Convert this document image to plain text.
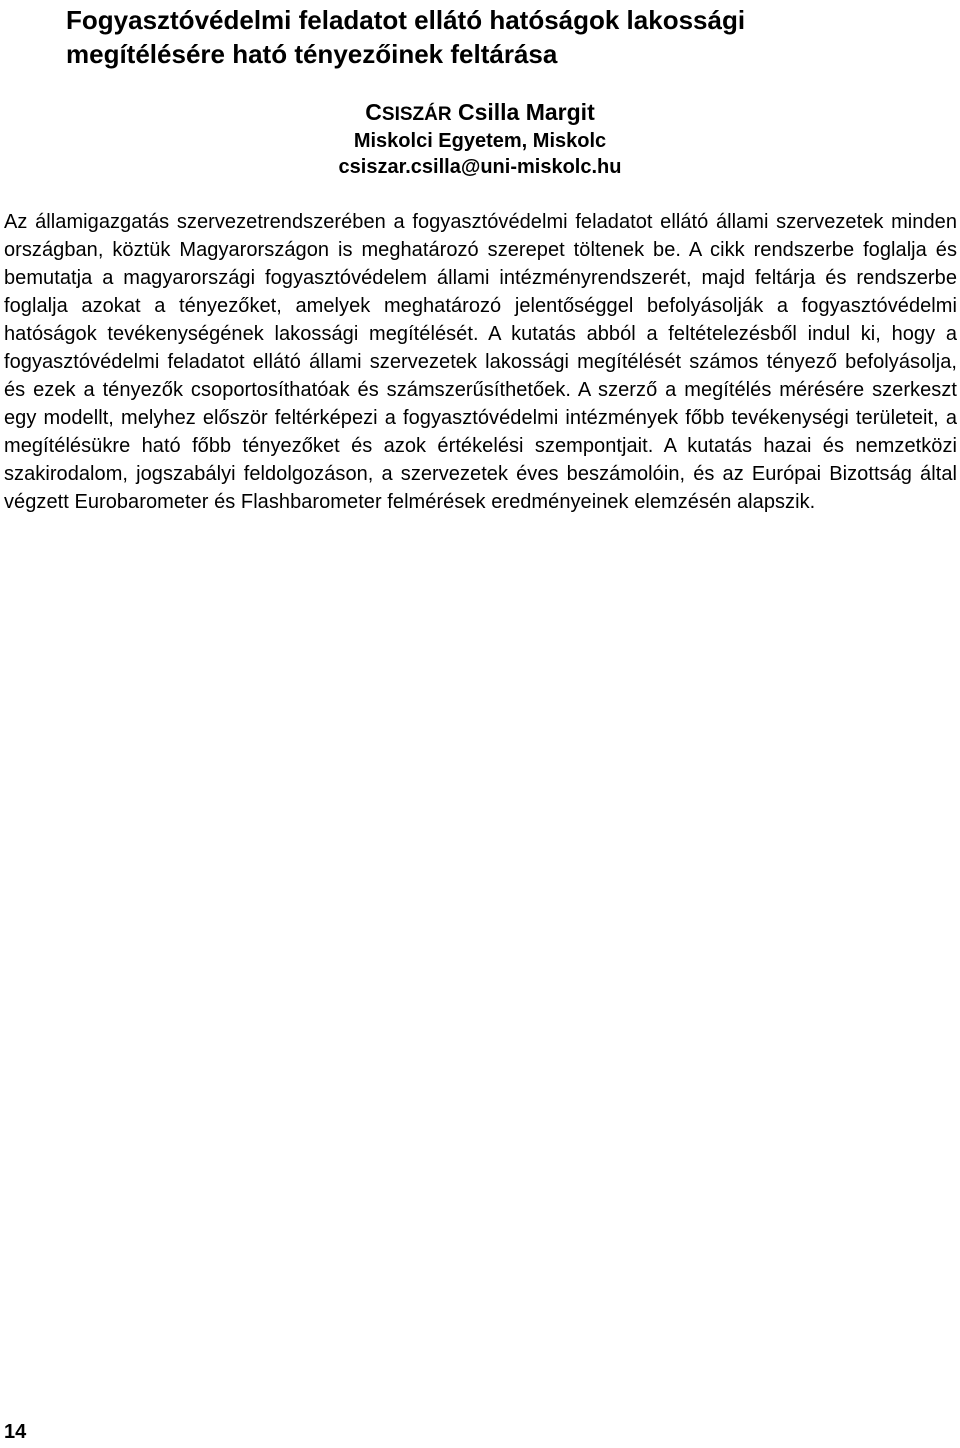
Fogyasztóvédelmi feladatot ellátó hatóságok lakossági
megítélésére ható tényezőinek feltárása
CSISZÁR Csilla Margit
Miskolci Egyetem, Miskolc
csiszar.csilla@uni-miskolc.hu

Az államigazgatás szervezetrendszerében a fogyasztóvédelmi feladatot ellátó állami szervezetek minden országban, köztük Magyarországon is meghatározó szerepet töltenek be. A cikk rendszerbe foglalja és bemutatja a magyarországi fogyasztóvédelem állami intézményrendszerét, majd feltárja és rendszerbe foglalja azokat a tényezőket, amelyek meghatározó jelentőséggel befolyásolják a fogyasztóvédelmi hatóságok tevékenységének lakossági megítélését. A kutatás abból a feltételezésből indul ki, hogy a fogyasztóvédelmi feladatot ellátó állami szervezetek lakossági megítélését számos tényező befolyásolja, és ezek a tényezők csoportosíthatóak és számszerűsíthetőek. A szerző a megítélés mérésére szerkeszt egy modellt, melyhez először feltérképezi a fogyasztóvédelmi intézmények főbb tevékenységi területeit, a megítélésükre ható főbb tényezőket és azok értékelési szempontjait. A kutatás hazai és nemzetközi szakirodalom, jogszabályi feldolgozáson, a szervezetek éves beszámolóin, és az Európai Bizottság által végzett Eurobarometer és Flashbarometer felmérések eredményeinek elemzésén alapszik.

14
